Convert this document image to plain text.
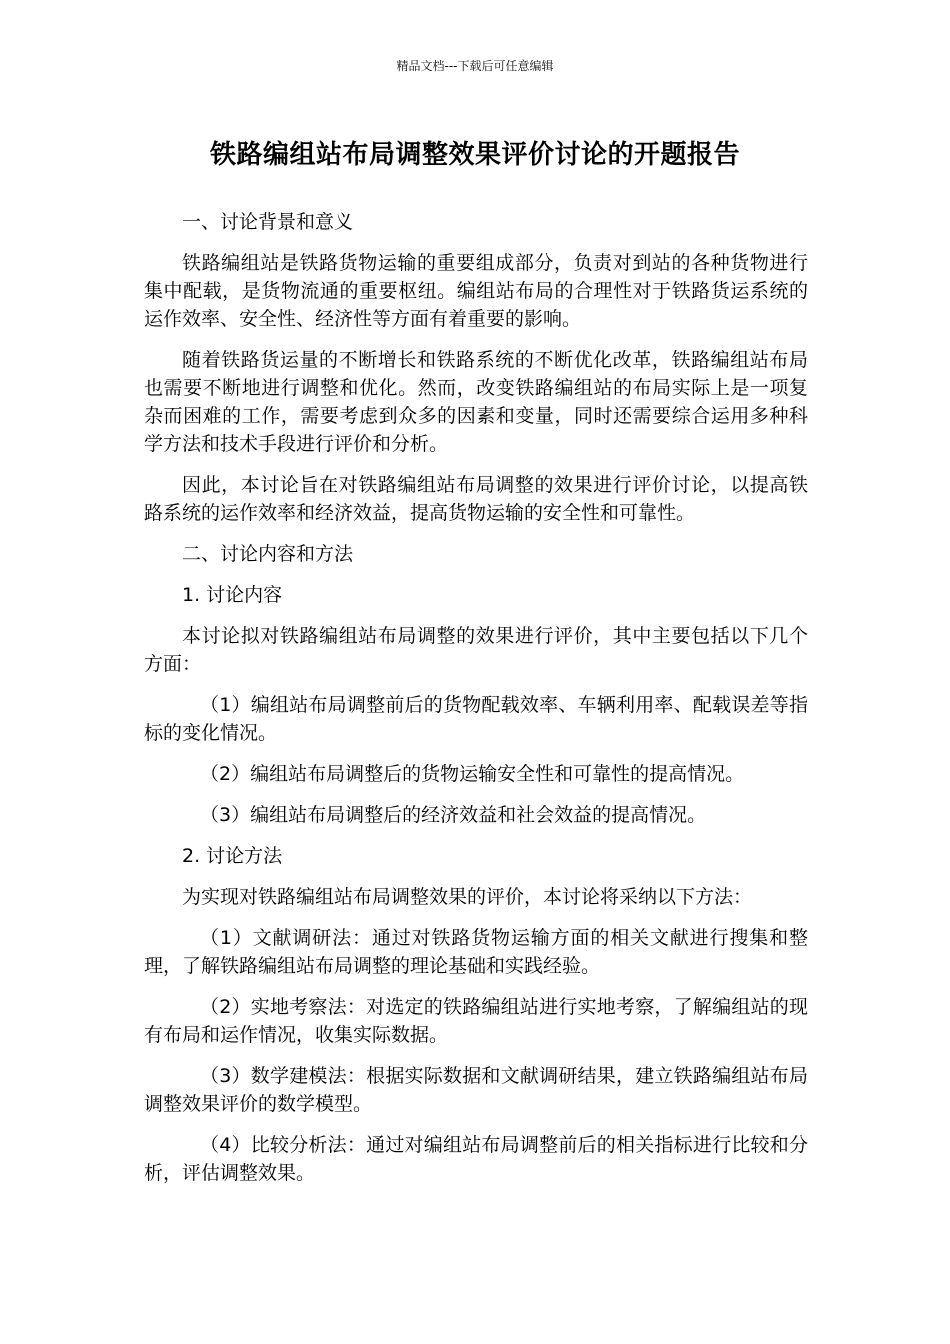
精品文档---下载后可任意编辑
铁路编组站布局调整效果评价讨论的开题报告

一、讨论背景和意义

铁路编组站是铁路货物运输的重要组成部分，负责对到站的各种货物进行集中配载，是货物流通的重要枢纽。编组站布局的合理性对于铁路货运系统的运作效率、安全性、经济性等方面有着重要的影响。

随着铁路货运量的不断增长和铁路系统的不断优化改革，铁路编组站布局也需要不断地进行调整和优化。然而，改变铁路编组站的布局实际上是一项复杂而困难的工作，需要考虑到众多的因素和变量，同时还需要综合运用多种科学方法和技术手段进行评价和分析。

因此，本讨论旨在对铁路编组站布局调整的效果进行评价讨论，以提高铁路系统的运作效率和经济效益，提高货物运输的安全性和可靠性。

二、讨论内容和方法

1. 讨论内容

本讨论拟对铁路编组站布局调整的效果进行评价，其中主要包括以下几个方面：

（1）编组站布局调整前后的货物配载效率、车辆利用率、配载误差等指标的变化情况。

（2）编组站布局调整后的货物运输安全性和可靠性的提高情况。

（3）编组站布局调整后的经济效益和社会效益的提高情况。

2. 讨论方法

为实现对铁路编组站布局调整效果的评价，本讨论将采纳以下方法：

（1）文献调研法：通过对铁路货物运输方面的相关文献进行搜集和整理，了解铁路编组站布局调整的理论基础和实践经验。

（2）实地考察法：对选定的铁路编组站进行实地考察，了解编组站的现有布局和运作情况，收集实际数据。

（3）数学建模法：根据实际数据和文献调研结果，建立铁路编组站布局调整效果评价的数学模型。

（4）比较分析法：通过对编组站布局调整前后的相关指标进行比较和分析，评估调整效果。
